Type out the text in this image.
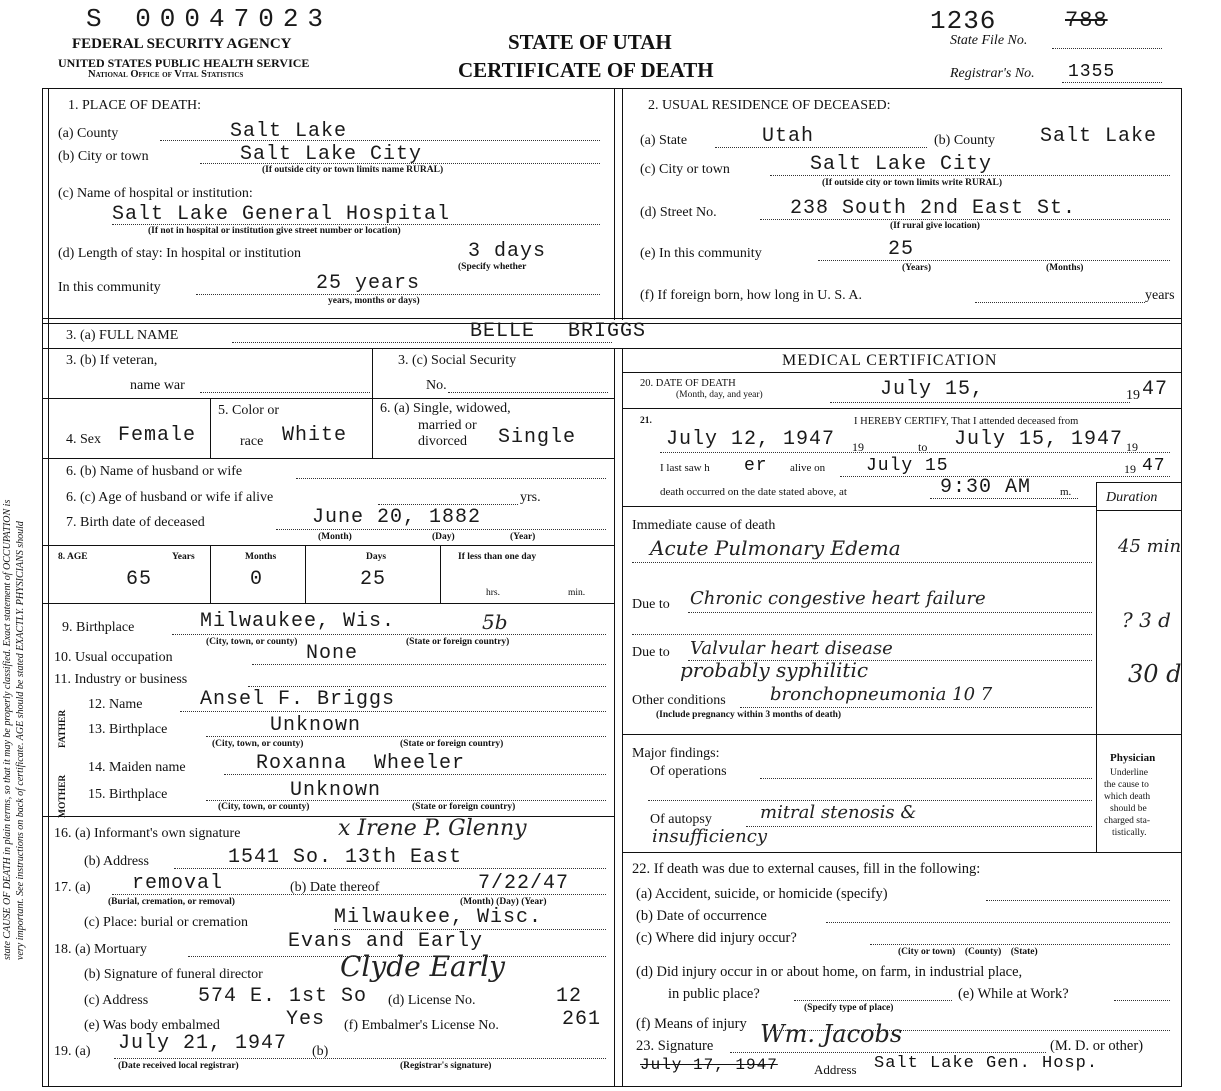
state CAUSE OF DEATH in plain terms, so that it may be properly classified. Exact statement of OCCUPATION is very important. See instructions on back of certificate. AGE should be stated EXACTLY. PHYSICIANS should
S 00047023
FEDERAL SECURITY AGENCY
UNITED STATES PUBLIC HEALTH SERVICE
National Office of Vital Statistics
STATE OF UTAH
CERTIFICATE OF DEATH
1236	788
State File No.
Registrar's No. 1355
1. PLACE OF DEATH:
(a) County	Salt Lake
(b) City or town	Salt Lake City
(If outside city or town limits name RURAL)
(c) Name of hospital or institution:
Salt Lake General Hospital
(If not in hospital or institution give street number or location)
(d) Length of stay: In hospital or institution	3 days
(Specify whether
In this community	25 years
years, months or days)
2. USUAL RESIDENCE OF DECEASED:
(a) State	Utah	(b) County Salt Lake
(c) City or town	Salt Lake City
(If outside city or town limits write RURAL)
(d) Street No.	238 South 2nd East St.
(If rural give location)
(e) In this community	25
(Years)	(Months)
(f) If foreign born, how long in U. S. A.	years
3. (a) FULL NAME	BELLE BRIGGS
3. (b) If veteran,
name war
3. (c) Social Security
No.
4. Sex Female
5. Color or
race White
6. (a) Single, widowed,
married or
divorced Single
6. (b) Name of husband or wife
6. (c) Age of husband or wife if alive	yrs.
7. Birth date of deceased	June 20, 1882
(Month)	(Day)	(Year)
8. AGE	Years	Months	Days	If less than one day
65	0	25
hrs.	min.
9. Birthplace	Milwaukee, Wis.	5b
(City, town, or county)	(State or foreign country)
10. Usual occupation	None
11. Industry or business
FATHER
MOTHER
12. Name	Ansel F. Briggs
13. Birthplace	Unknown
(City, town, or county)	(State or foreign country)
14. Maiden name	Roxanna Wheeler
15. Birthplace	Unknown
(City, town, or county)	(State or foreign country)
16. (a) Informant's own signature	x Irene P. Glenny
(b) Address	1541 So. 13th East
17. (a) removal	(b) Date thereof	7/22/47
(Burial, cremation, or removal)	(Month) (Day) (Year)
(c) Place: burial or cremation	Milwaukee, Wisc.
18. (a) Mortuary	Evans and Early
(b) Signature of funeral director	Clyde Early
(c) Address 574 E. 1st So (d) License No.	12
(e) Was body embalmed	Yes (f) Embalmer's License No.	261
19. (a) July 21, 1947 (b)
(Date received local registrar)	(Registrar's signature)
MEDICAL CERTIFICATION
20. DATE OF DEATH
(Month, day, and year)	July 15,	19 47
21.	I HEREBY CERTIFY, That I attended deceased from
July 12, 1947 19	to July 15, 1947 19
I last saw h er alive on July 15	19 47
death occurred on the date stated above, at	9:30 AM	m. Duration
Immediate cause of death
Acute Pulmonary Edema	45 min
Due to Chronic congestive heart failure
? 3 d
Due to Valvular heart disease
probably syphilitic	30 d
Other conditions bronchopneumonia 10 7
(Include pregnancy within 3 months of death)
Major findings:
Of operations
Of autopsy	mitral stenosis &
insufficiency
Physician
Underline
the cause to
which death
should be
charged sta-
tistically.
22. If death was due to external causes, fill in the following:
(a) Accident, suicide, or homicide (specify)
(b) Date of occurrence
(c) Where did injury occur?
(City or town)    (County)    (State)
(d) Did injury occur in or about home, on farm, in industrial place,
in public place?	(e) While at Work?
(Specify type of place)
(f) Means of injury
23. Signature Wm. Jacobs	(M. D. or other)
July 17, 1947	Address Salt Lake Gen. Hosp.
